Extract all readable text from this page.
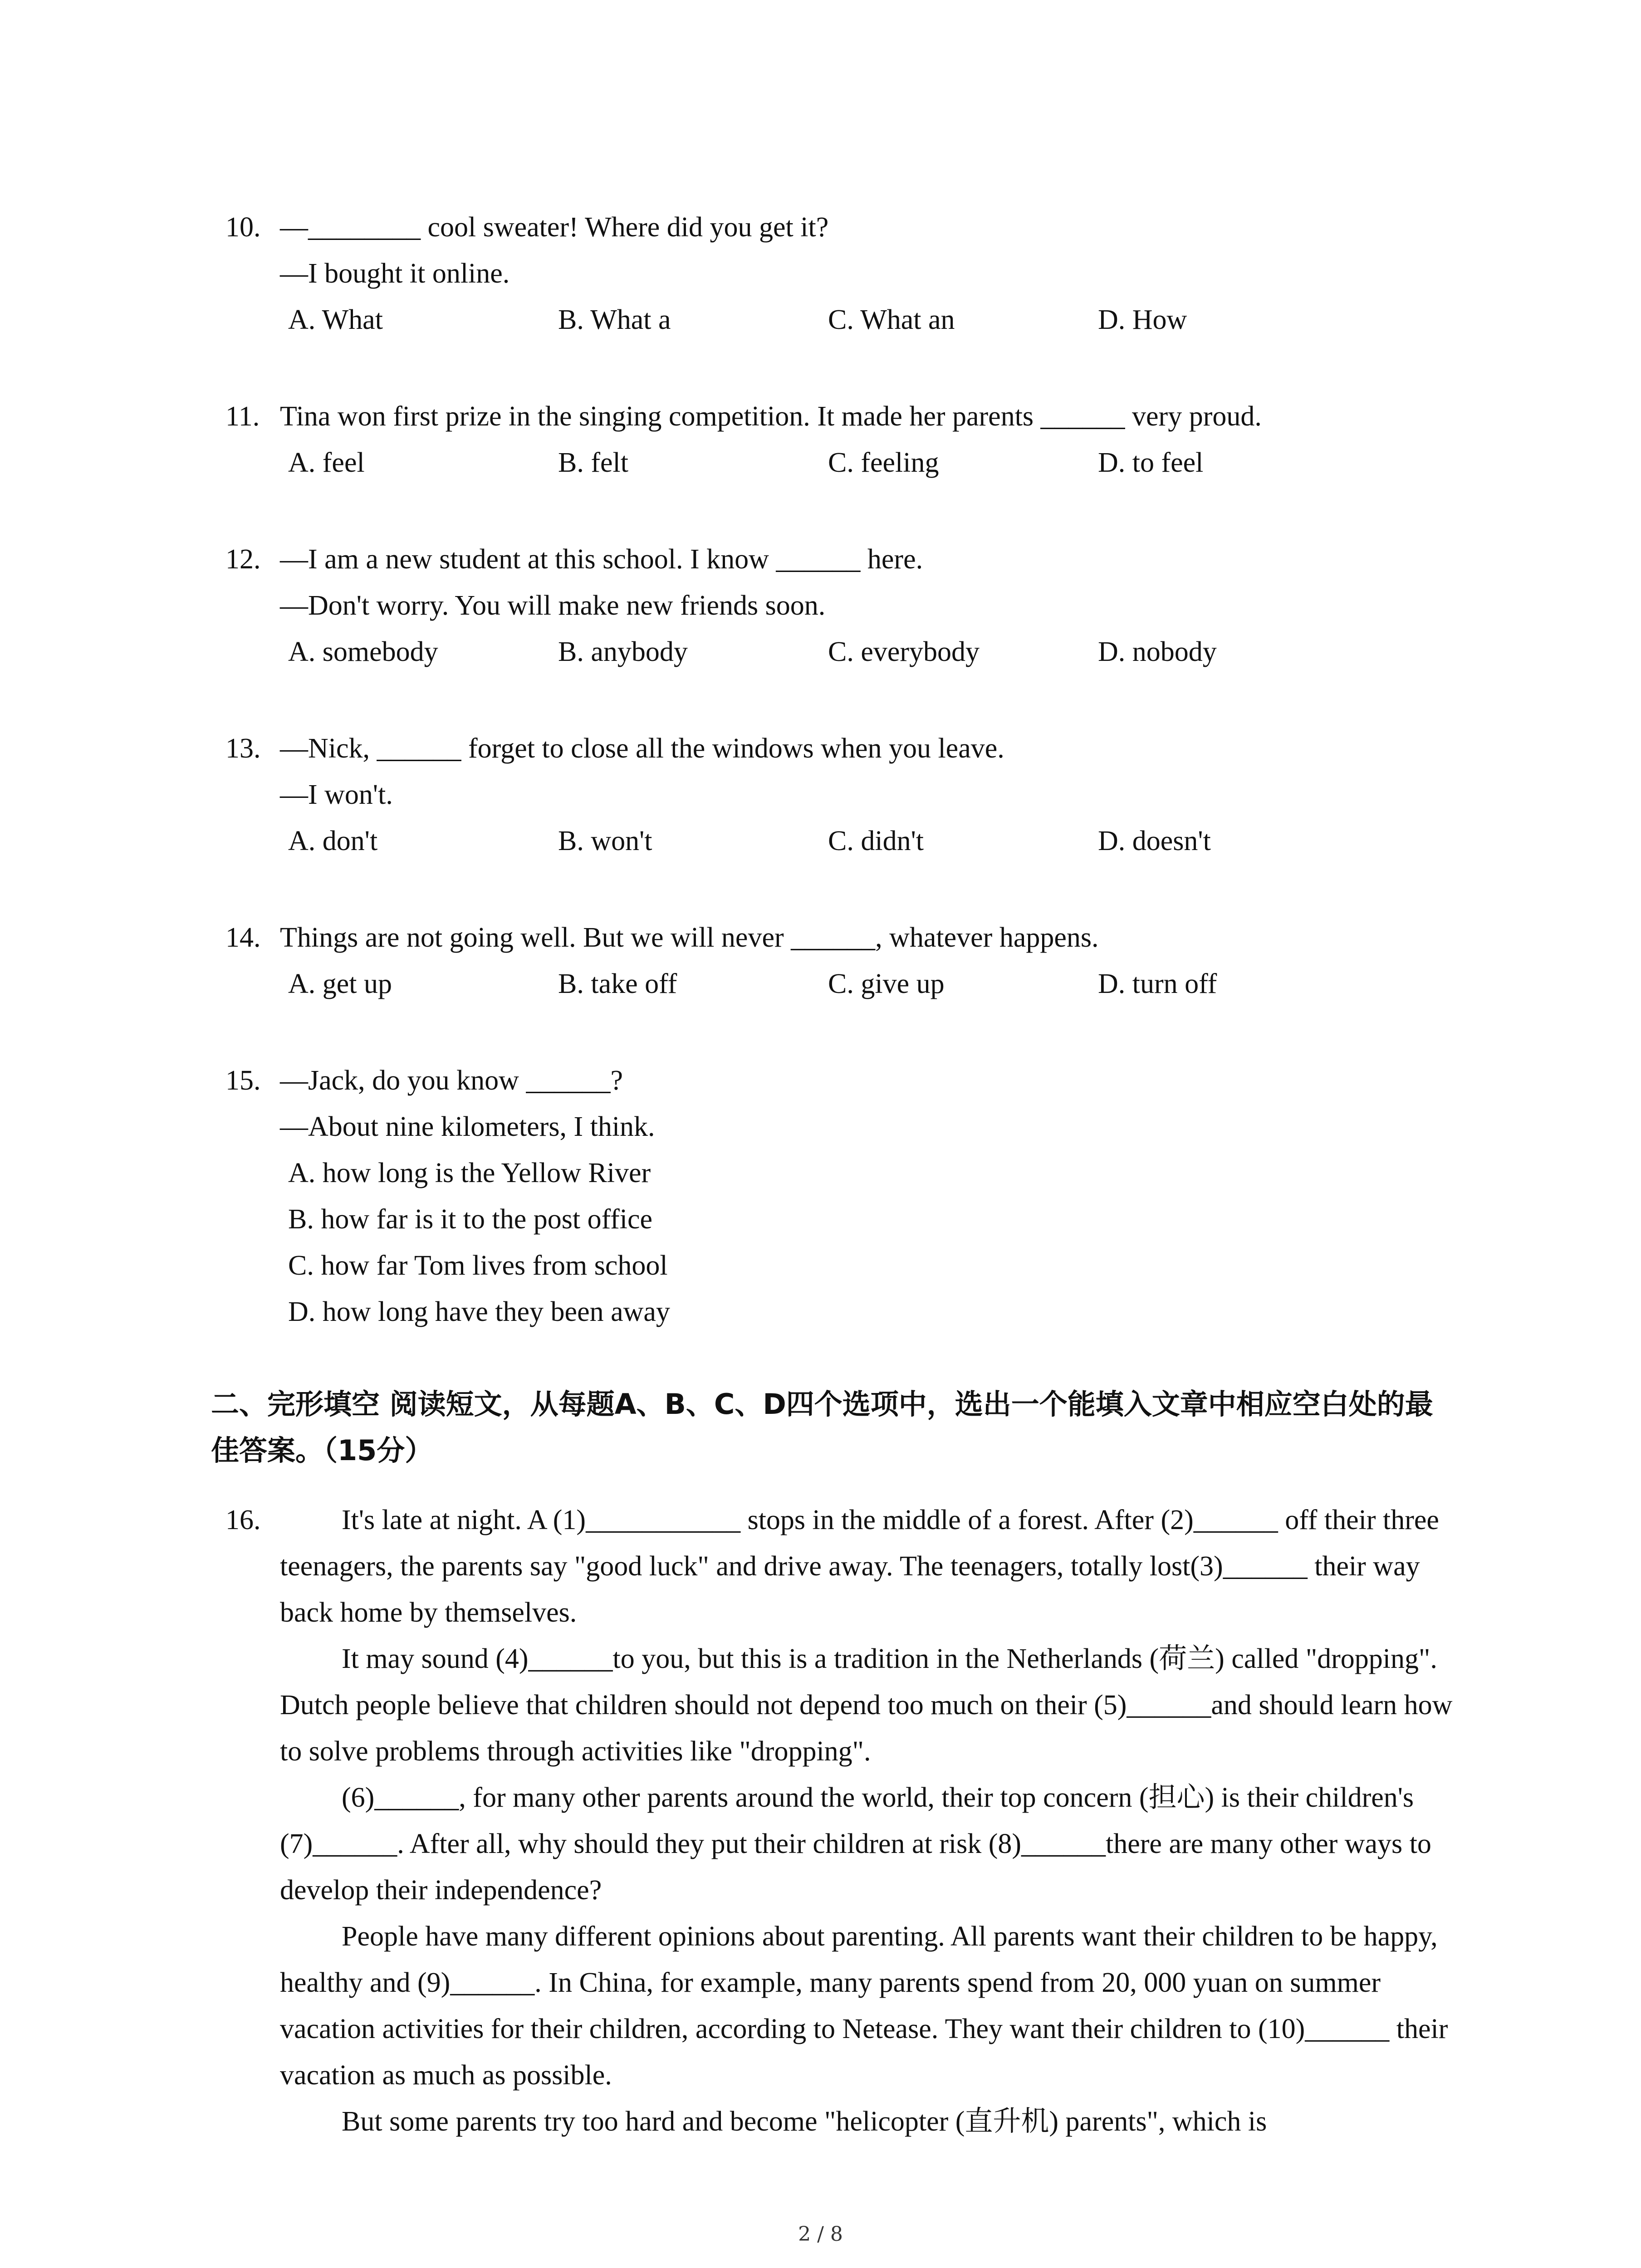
10. —________ cool sweater! Where did you get it?
—I bought it online.
A. What	B. What a	C. What an	D. How
11. Tina won first prize in the singing competition. It made her parents ______ very proud.
A. feel	B. felt	C. feeling	D. to feel
12. —I am a new student at this school. I know ______ here.
—Don't worry. You will make new friends soon.
A. somebody	B. anybody	C. everybody	D. nobody
13. —Nick, ______ forget to close all the windows when you leave.
—I won't.
A. don't	B. won't	C. didn't	D. doesn't
14. Things are not going well. But we will never ______, whatever happens.
A. get up	B. take off	C. give up	D. turn off
15. —Jack, do you know ______?
—About nine kilometers, I think.
A. how long is the Yellow River
B. how far is it to the post office
C. how far Tom lives from school
D. how long have they been away
二、完形填空 阅读短文，从每题A、B、C、D四个选项中，选出一个能填入文章中相应空白处的最佳答案。（15分）
16.	It's late at night. A (1)___________ stops in the middle of a forest. After (2)______ off their three teenagers, the parents say "good luck" and drive away. The teenagers, totally lost(3)______ their way back home by themselves.

It may sound (4)______to you, but this is a tradition in the Netherlands (荷兰) called "dropping". Dutch people believe that children should not depend too much on their (5)______and should learn how to solve problems through activities like "dropping".

(6)______, for many other parents around the world, their top concern (担心) is their children's (7)______. After all, why should they put their children at risk (8)______there are many other ways to develop their independence?

People have many different opinions about parenting. All parents want their children to be happy, healthy and (9)______. In China, for example, many parents spend from 20, 000 yuan on summer vacation activities for their children, according to Netease. They want their children to (10)______ their vacation as much as possible.

But some parents try too hard and become "helicopter (直升机) parents", which is

2 / 8
